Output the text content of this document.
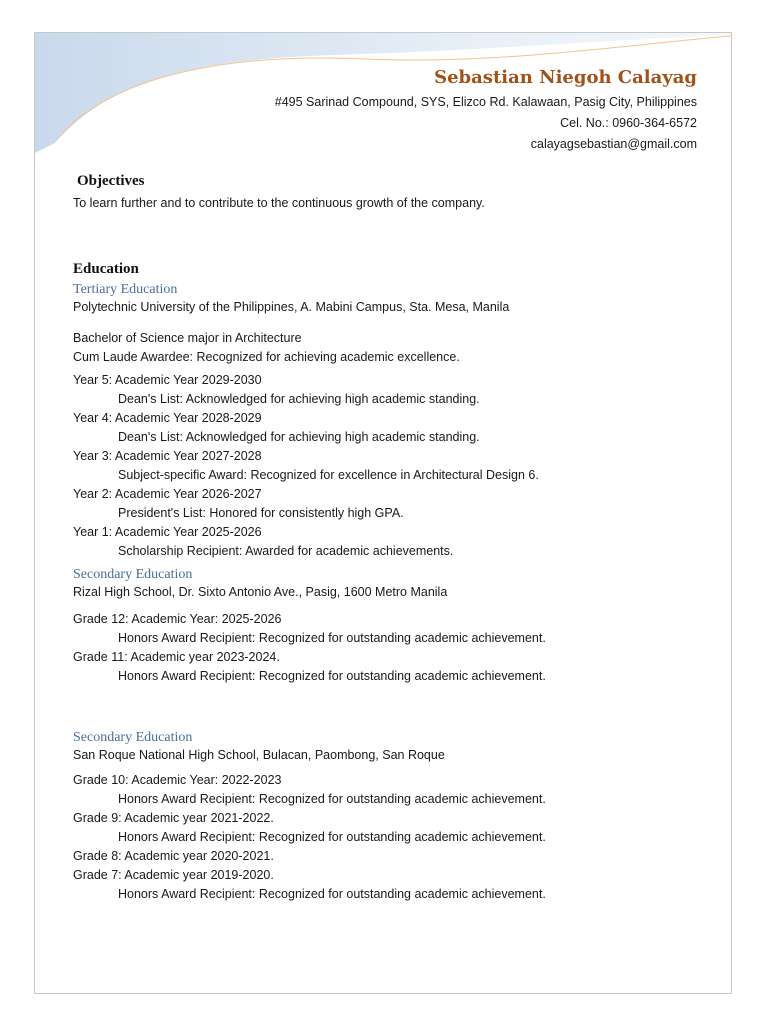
Sebastian Niegoh Calayag
#495 Sarinad Compound, SYS, Elizco Rd. Kalawaan, Pasig City, Philippines
Cel. No.: 0960-364-6572
calayagsebastian@gmail.com
Objectives
To learn further and to contribute to the continuous growth of the company.
Education
Tertiary Education
Polytechnic University of the Philippines, A. Mabini Campus, Sta. Mesa, Manila
Bachelor of Science major in Architecture
Cum Laude Awardee: Recognized for achieving academic excellence.
Year 5: Academic Year 2029-2030
Dean's List: Acknowledged for achieving high academic standing.
Year 4: Academic Year 2028-2029
Dean's List: Acknowledged for achieving high academic standing.
Year 3: Academic Year 2027-2028
Subject-specific Award: Recognized for excellence in Architectural Design 6.
Year 2: Academic Year 2026-2027
President's List: Honored for consistently high GPA.
Year 1: Academic Year 2025-2026
Scholarship Recipient: Awarded for academic achievements.
Secondary Education
Rizal High School, Dr. Sixto Antonio Ave., Pasig, 1600 Metro Manila
Grade 12: Academic Year: 2025-2026
Honors Award Recipient: Recognized for outstanding academic achievement.
Grade 11: Academic year 2023-2024.
Honors Award Recipient: Recognized for outstanding academic achievement.
Secondary Education
San Roque National High School, Bulacan, Paombong, San Roque
Grade 10: Academic Year: 2022-2023
Honors Award Recipient: Recognized for outstanding academic achievement.
Grade 9: Academic year 2021-2022.
Honors Award Recipient: Recognized for outstanding academic achievement.
Grade 8: Academic year 2020-2021.
Grade 7: Academic year 2019-2020.
Honors Award Recipient: Recognized for outstanding academic achievement.
